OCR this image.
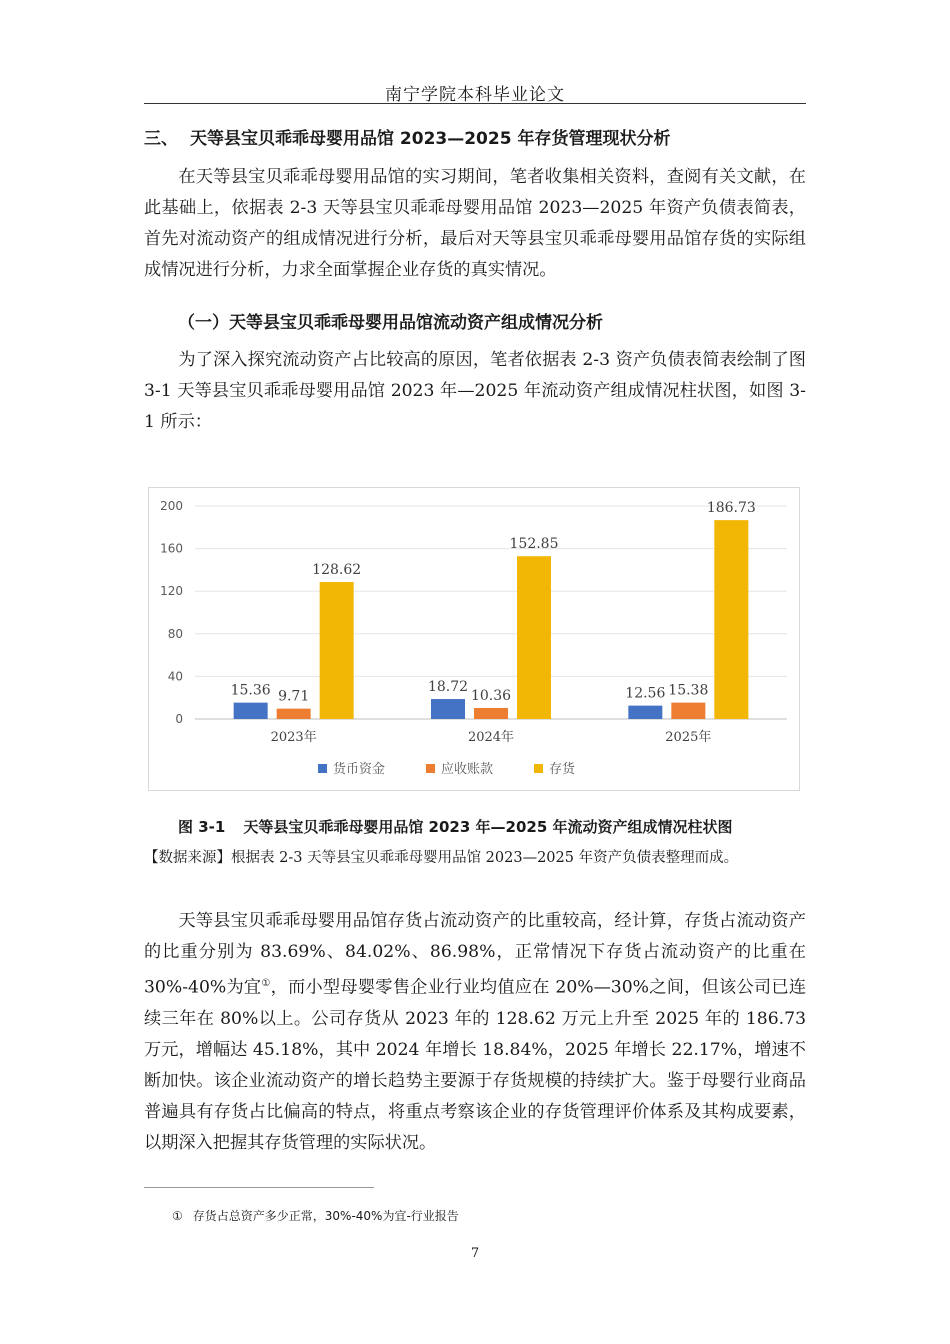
南宁学院本科毕业论文
三、 天等县宝贝乖乖母婴用品馆 2023—2025 年存货管理现状分析
在天等县宝贝乖乖母婴用品馆的实习期间，笔者收集相关资料，查阅有关文献，在此基础上，依据表 2-3 天等县宝贝乖乖母婴用品馆 2023—2025 年资产负债表简表，首先对流动资产的组成情况进行分析，最后对天等县宝贝乖乖母婴用品馆存货的实际组成情况进行分析，力求全面掌握企业存货的真实情况。
（一）天等县宝贝乖乖母婴用品馆流动资产组成情况分析
为了深入探究流动资产占比较高的原因，笔者依据表 2-3 资产负债表简表绘制了图 3-1 天等县宝贝乖乖母婴用品馆 2023 年—2025 年流动资产组成情况柱状图，如图 3-1 所示：
0
40
80
120
160
200
15.36 9.71
128.62
2023年
18.72
10.36
152.85
2024年
12.56 15.38
186.73
2025年
货币资金	应收账款	存货
图 3-1 天等县宝贝乖乖母婴用品馆 2023 年—2025 年流动资产组成情况柱状图
【数据来源】根据表 2-3 天等县宝贝乖乖母婴用品馆 2023—2025 年资产负债表整理而成。
天等县宝贝乖乖母婴用品馆存货占流动资产的比重较高，经计算，存货占流动资产的比重分别为 83.69%、84.02%、86.98%，正常情况下存货占流动资产的比重在 30%-40%为宜①，而小型母婴零售企业行业均值应在 20%—30%之间，但该公司已连续三年在 80%以上。公司存货从 2023 年的 128.62 万元上升至 2025 年的 186.73 万元，增幅达 45.18%，其中 2024 年增长 18.84%，2025 年增长 22.17%，增速不断加快。该企业流动资产的增长趋势主要源于存货规模的持续扩大。鉴于母婴行业商品普遍具有存货占比偏高的特点，将重点考察该企业的存货管理评价体系及其构成要素，以期深入把握其存货管理的实际状况。
① 存货占总资产多少正常，30%-40%为宜-行业报告
7
